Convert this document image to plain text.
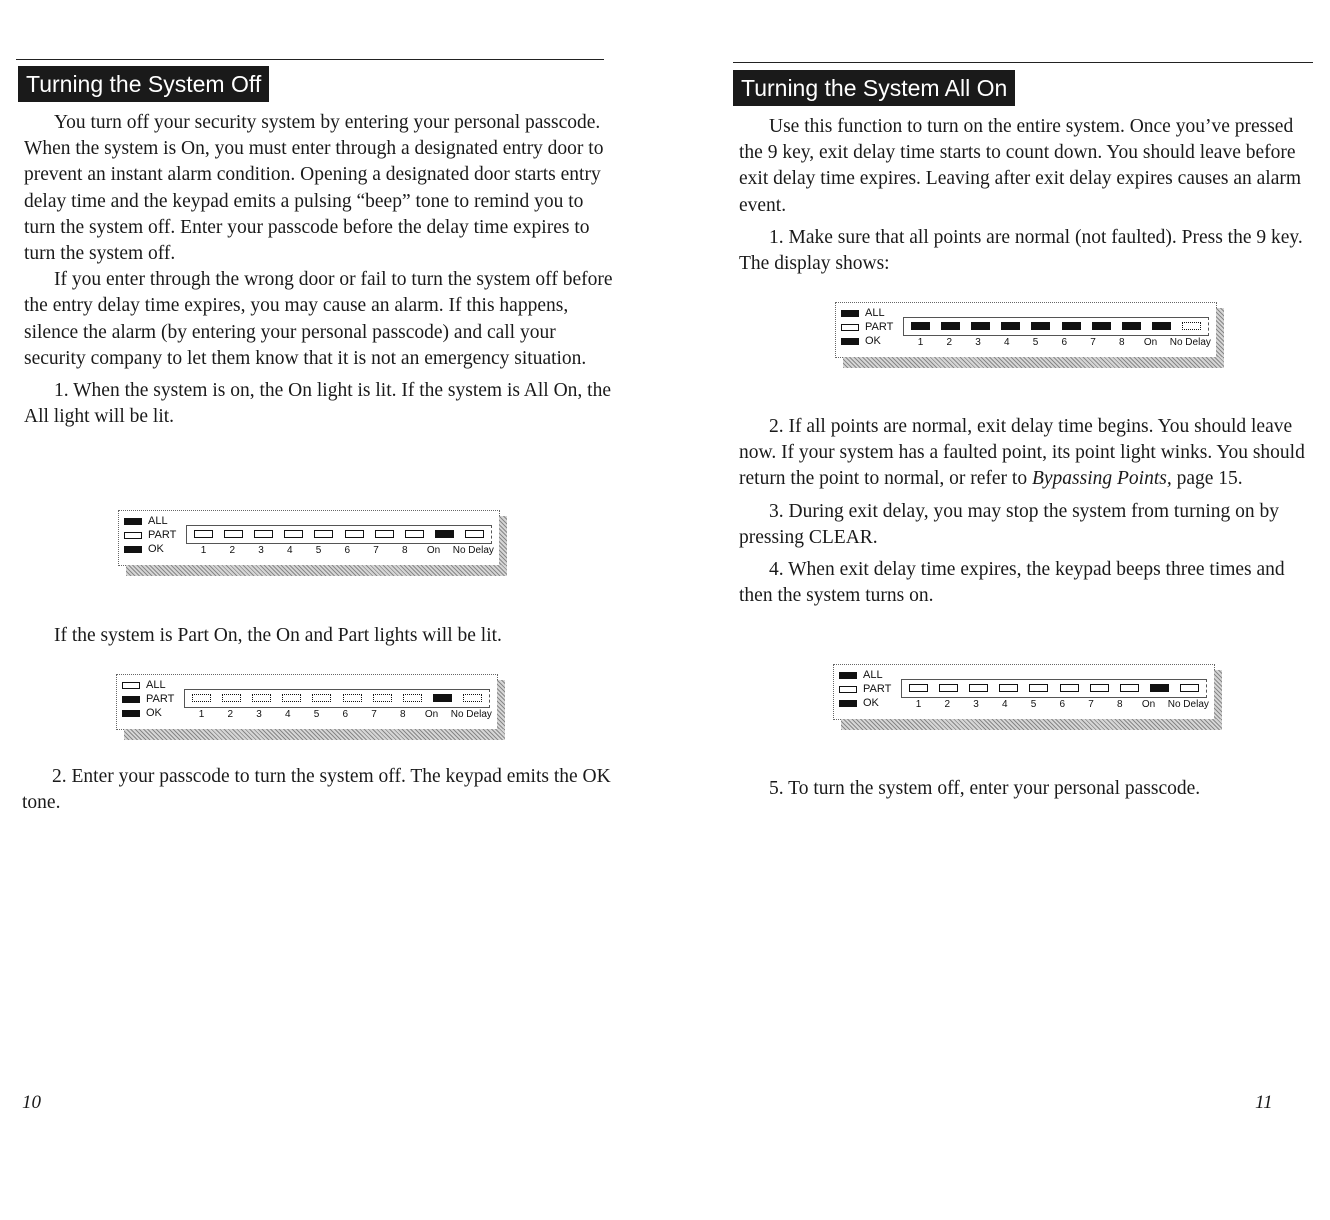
Turning the System Off

You turn off your security system by entering your personal passcode. When the system is On, you must enter through a designated entry door to prevent an instant alarm condition. Opening a designated door starts entry delay time and the keypad emits a pulsing “beep” tone to remind you to turn the system off. Enter your passcode before the delay time expires to turn the system off.

If you enter through the wrong door or fail to turn the system off before the entry delay time expires, you may cause an alarm. If this happens, silence the alarm (by entering your personal passcode) and call your security company to let them know that it is not an emergency situation.

1. When the system is on, the On light is lit. If the system is All On, the All light will be lit.

ALL
PART
OK	1	2	3	4	5	6	7	8	On No Delay

If the system is Part On, the On and Part lights will be lit.

ALL
PART
OK	1	2	3	4	5	6	7	8	On No Delay

2. Enter your passcode to turn the system off. The keypad emits the OK tone.

10
Turning the System All On

Use this function to turn on the entire system. Once you’ve pressed the 9 key, exit delay time starts to count down. You should leave before exit delay time expires. Leaving after exit delay expires causes an alarm event.

1. Make sure that all points are normal (not faulted). Press the 9 key. The display shows:

ALL
PART
OK	1	2	3	4	5	6	7	8	On No Delay

2. If all points are normal, exit delay time begins. You should leave now. If your system has a faulted point, its point light winks. You should return the point to normal, or refer to Bypassing Points, page 15.

3. During exit delay, you may stop the system from turning on by pressing CLEAR.

4. When exit delay time expires, the keypad beeps three times and then the system turns on.

ALL
PART
OK	1	2	3	4	5	6	7	8	On No Delay

5. To turn the system off, enter your personal passcode.

11
